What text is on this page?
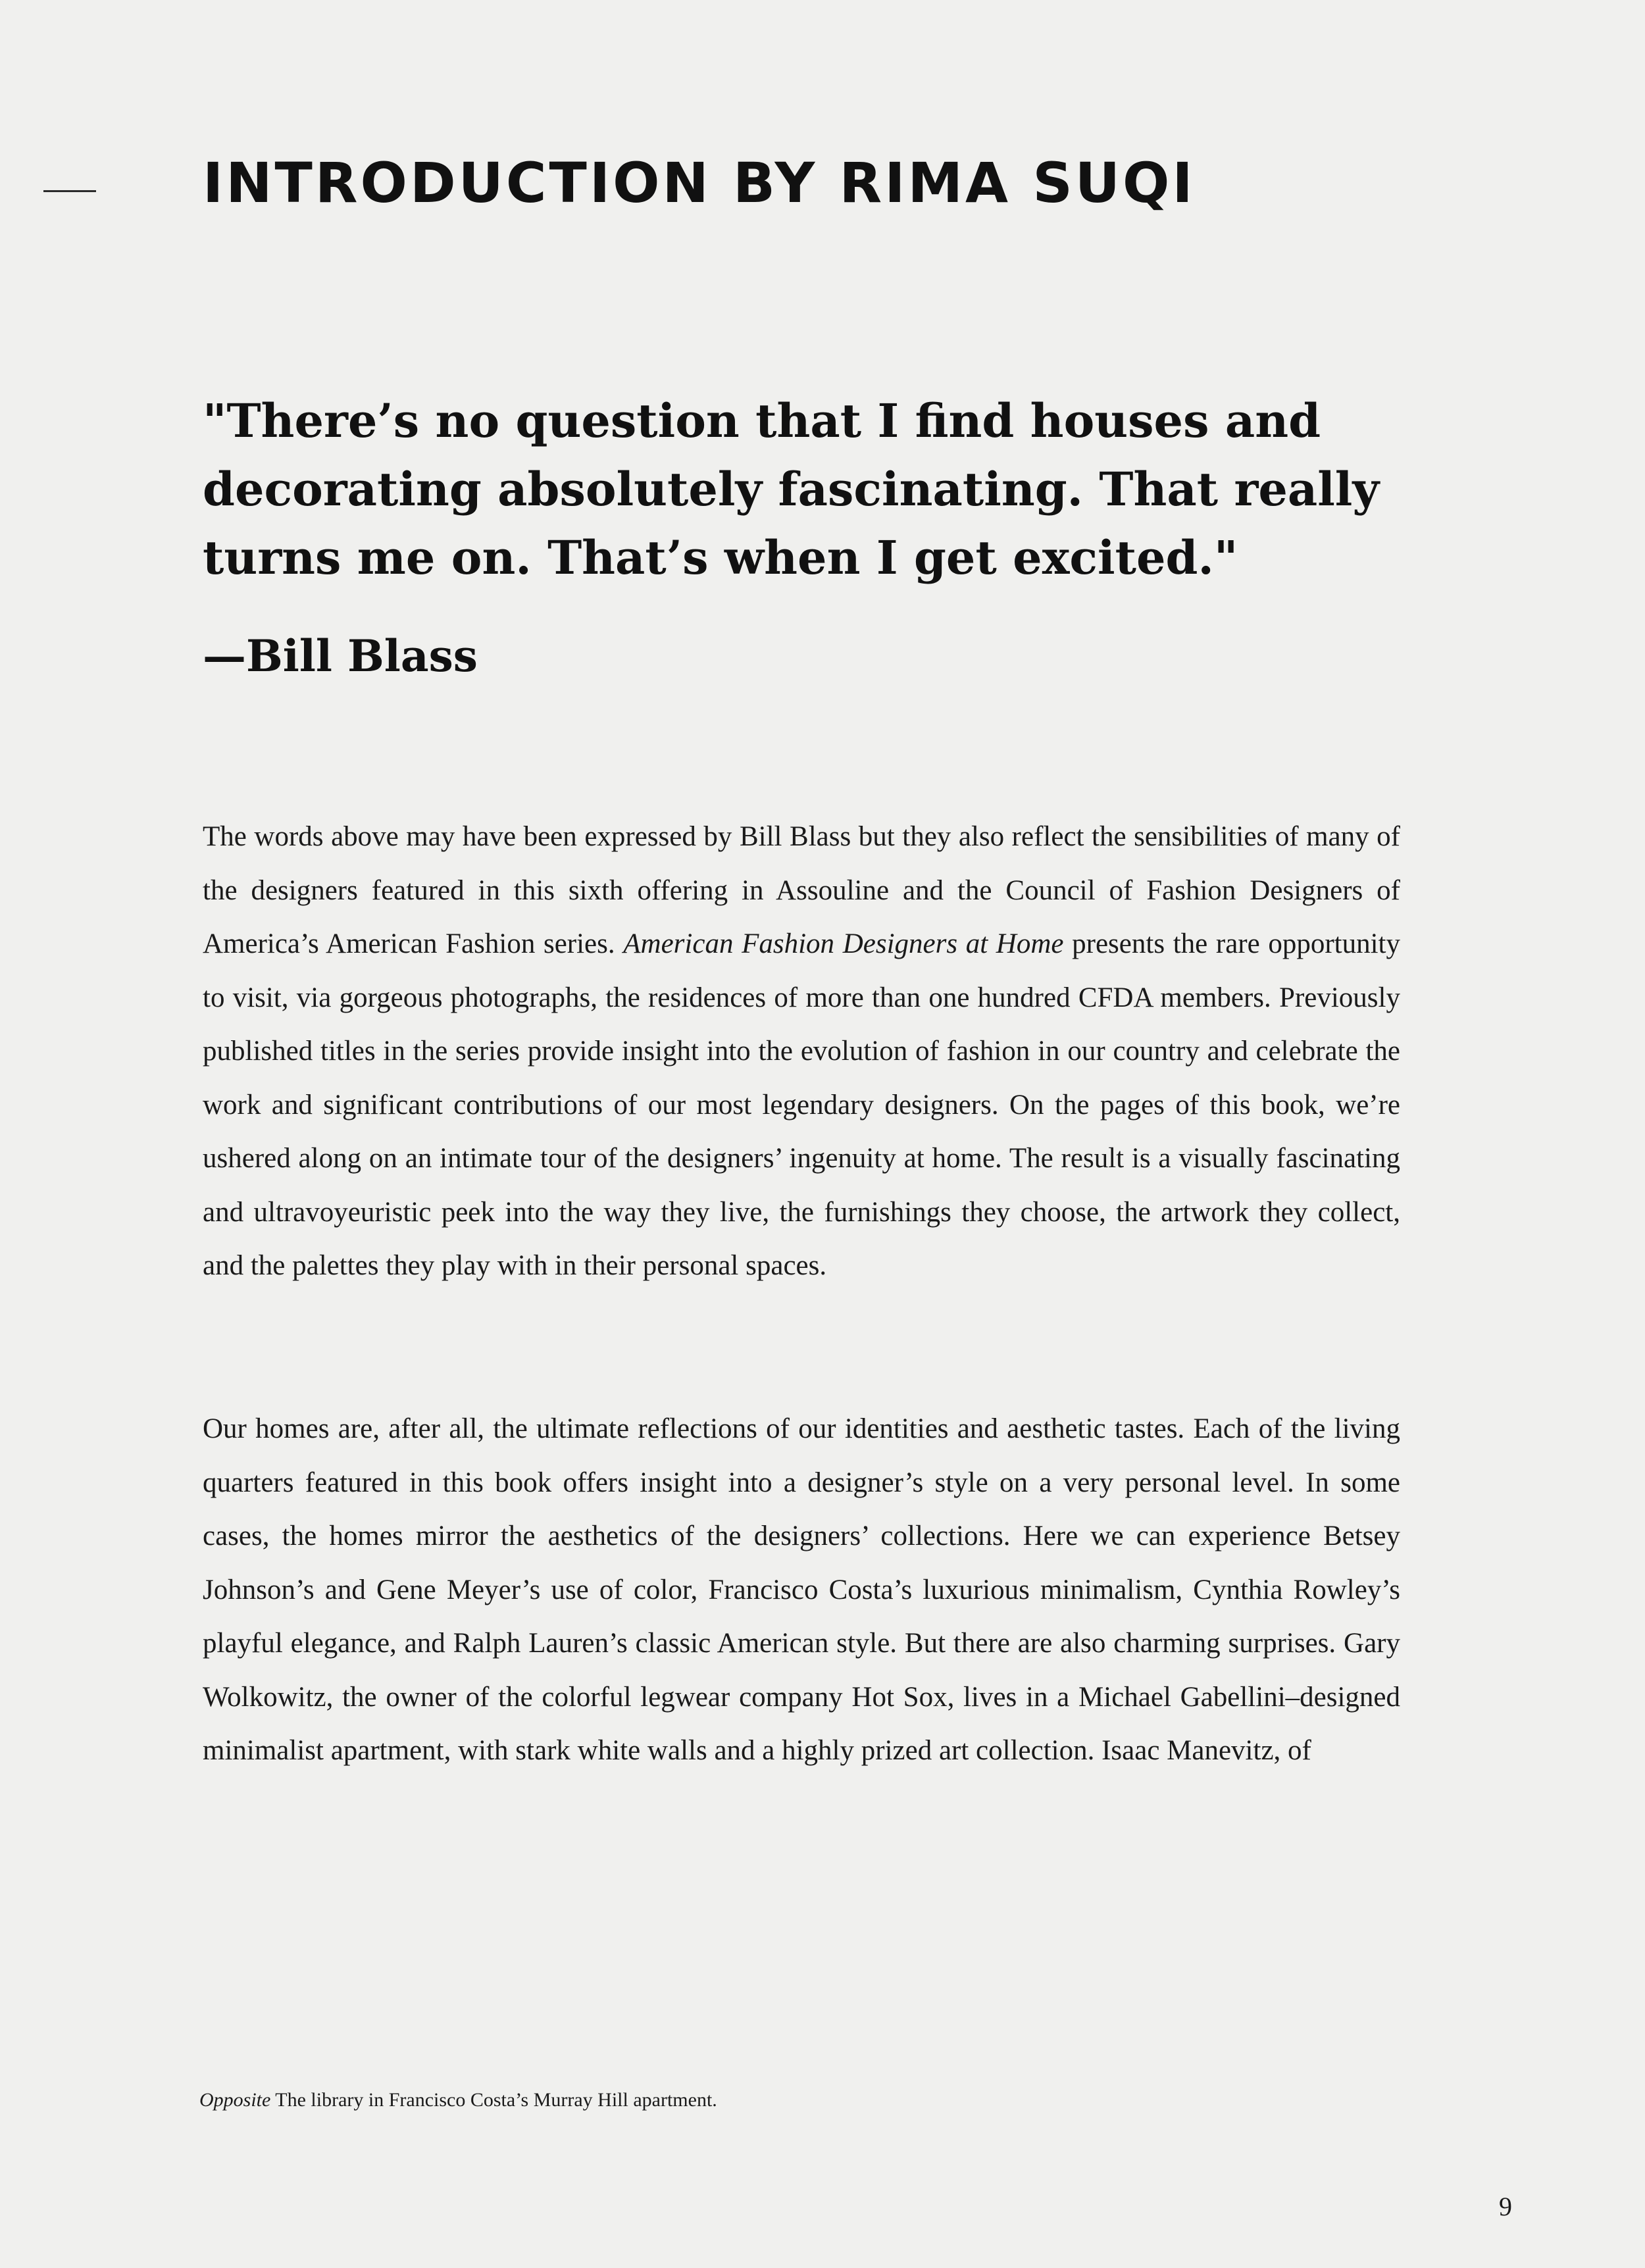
INTRODUCTION BY RIMA SUQI

"There’s no question that I find houses and decorating absolutely fascinating. That really turns me on. That’s when I get excited."

—Bill Blass

The words above may have been expressed by Bill Blass but they also reflect the sensibilities of many of the designers featured in this sixth offering in Assouline and the Council of Fashion Designers of America’s American Fashion series. American Fashion Designers at Home presents the rare opportunity to visit, via gorgeous photographs, the residences of more than one hundred CFDA members. Previously published titles in the series provide insight into the evolution of fashion in our country and celebrate the work and significant contributions of our most legendary designers. On the pages of this book, we’re ushered along on an intimate tour of the designers’ ingenuity at home. The result is a visually fascinating and ultravoyeuristic peek into the way they live, the furnishings they choose, the artwork they collect, and the palettes they play with in their personal spaces.

Our homes are, after all, the ultimate reflections of our identities and aesthetic tastes. Each of the living quarters featured in this book offers insight into a designer’s style on a very personal level. In some cases, the homes mirror the aesthetics of the designers’ collections. Here we can experience Betsey Johnson’s and Gene Meyer’s use of color, Francisco Costa’s luxurious minimalism, Cynthia Rowley’s playful elegance, and Ralph Lauren’s classic American style. But there are also charming surprises. Gary Wolkowitz, the owner of the colorful legwear company Hot Sox, lives in a Michael Gabellini–designed minimalist apartment, with stark white walls and a highly prized art collection. Isaac Manevitz, of

Opposite The library in Francisco Costa’s Murray Hill apartment.

9
